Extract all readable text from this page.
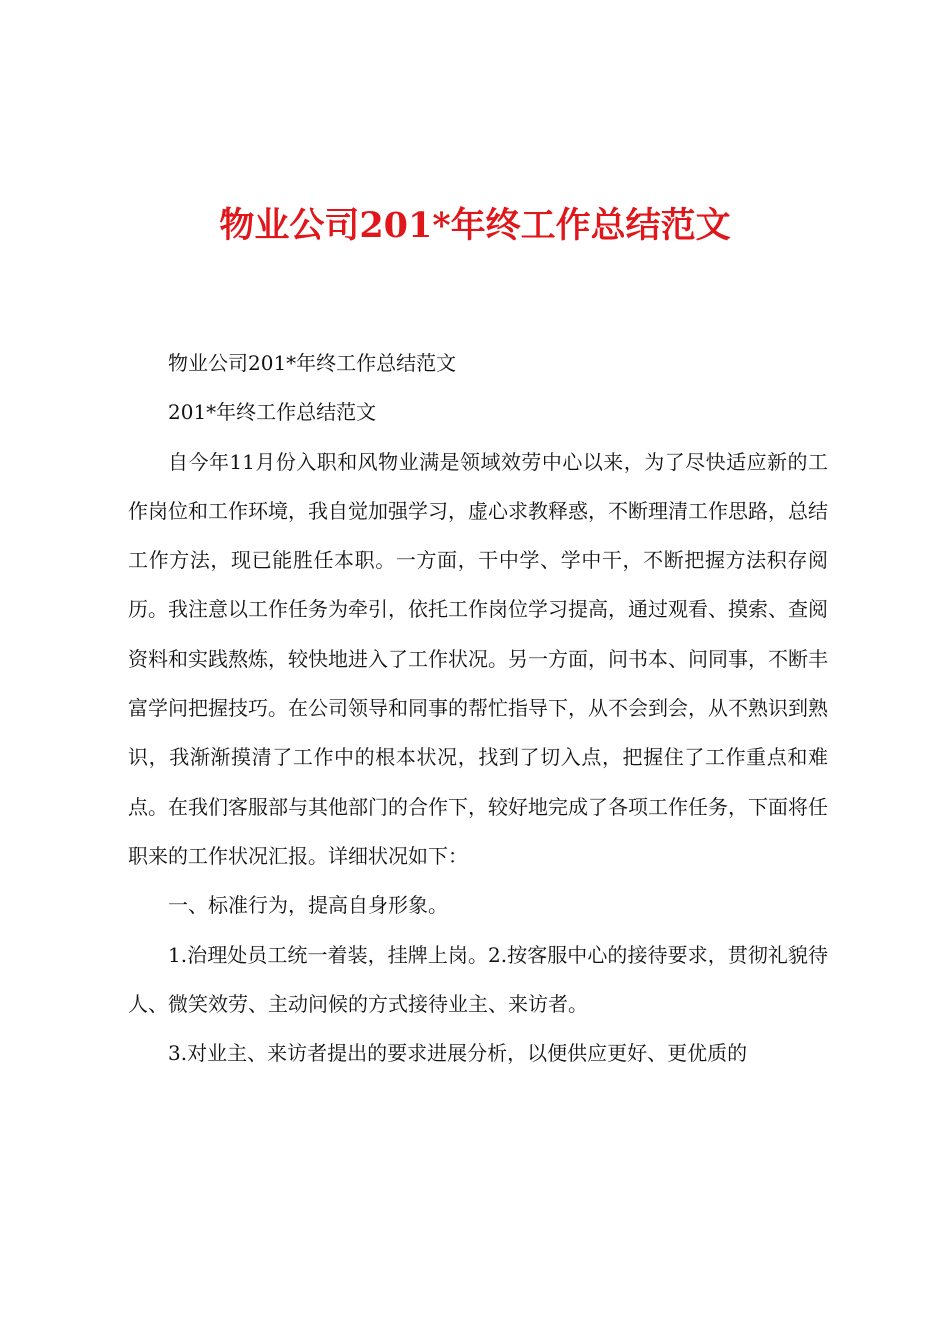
物业公司201*年终工作总结范文

物业公司201*年终工作总结范文

201*年终工作总结范文

自今年11月份入职和风物业满是领域效劳中心以来，为了尽快适应新的工作岗位和工作环境，我自觉加强学习，虚心求教释惑，不断理清工作思路，总结工作方法，现已能胜任本职。一方面，干中学、学中干，不断把握方法积存阅历。我注意以工作任务为牵引，依托工作岗位学习提高，通过观看、摸索、查阅资料和实践熬炼，较快地进入了工作状况。另一方面，问书本、问同事，不断丰富学问把握技巧。在公司领导和同事的帮忙指导下，从不会到会，从不熟识到熟识，我渐渐摸清了工作中的根本状况，找到了切入点，把握住了工作重点和难点。在我们客服部与其他部门的合作下，较好地完成了各项工作任务，下面将任职来的工作状况汇报。详细状况如下：

一、标准行为，提高自身形象。

1.治理处员工统一着装，挂牌上岗。2.按客服中心的接待要求，贯彻礼貌待人、微笑效劳、主动问候的方式接待业主、来访者。

3.对业主、来访者提出的要求进展分析，以便供应更好、更优质的
